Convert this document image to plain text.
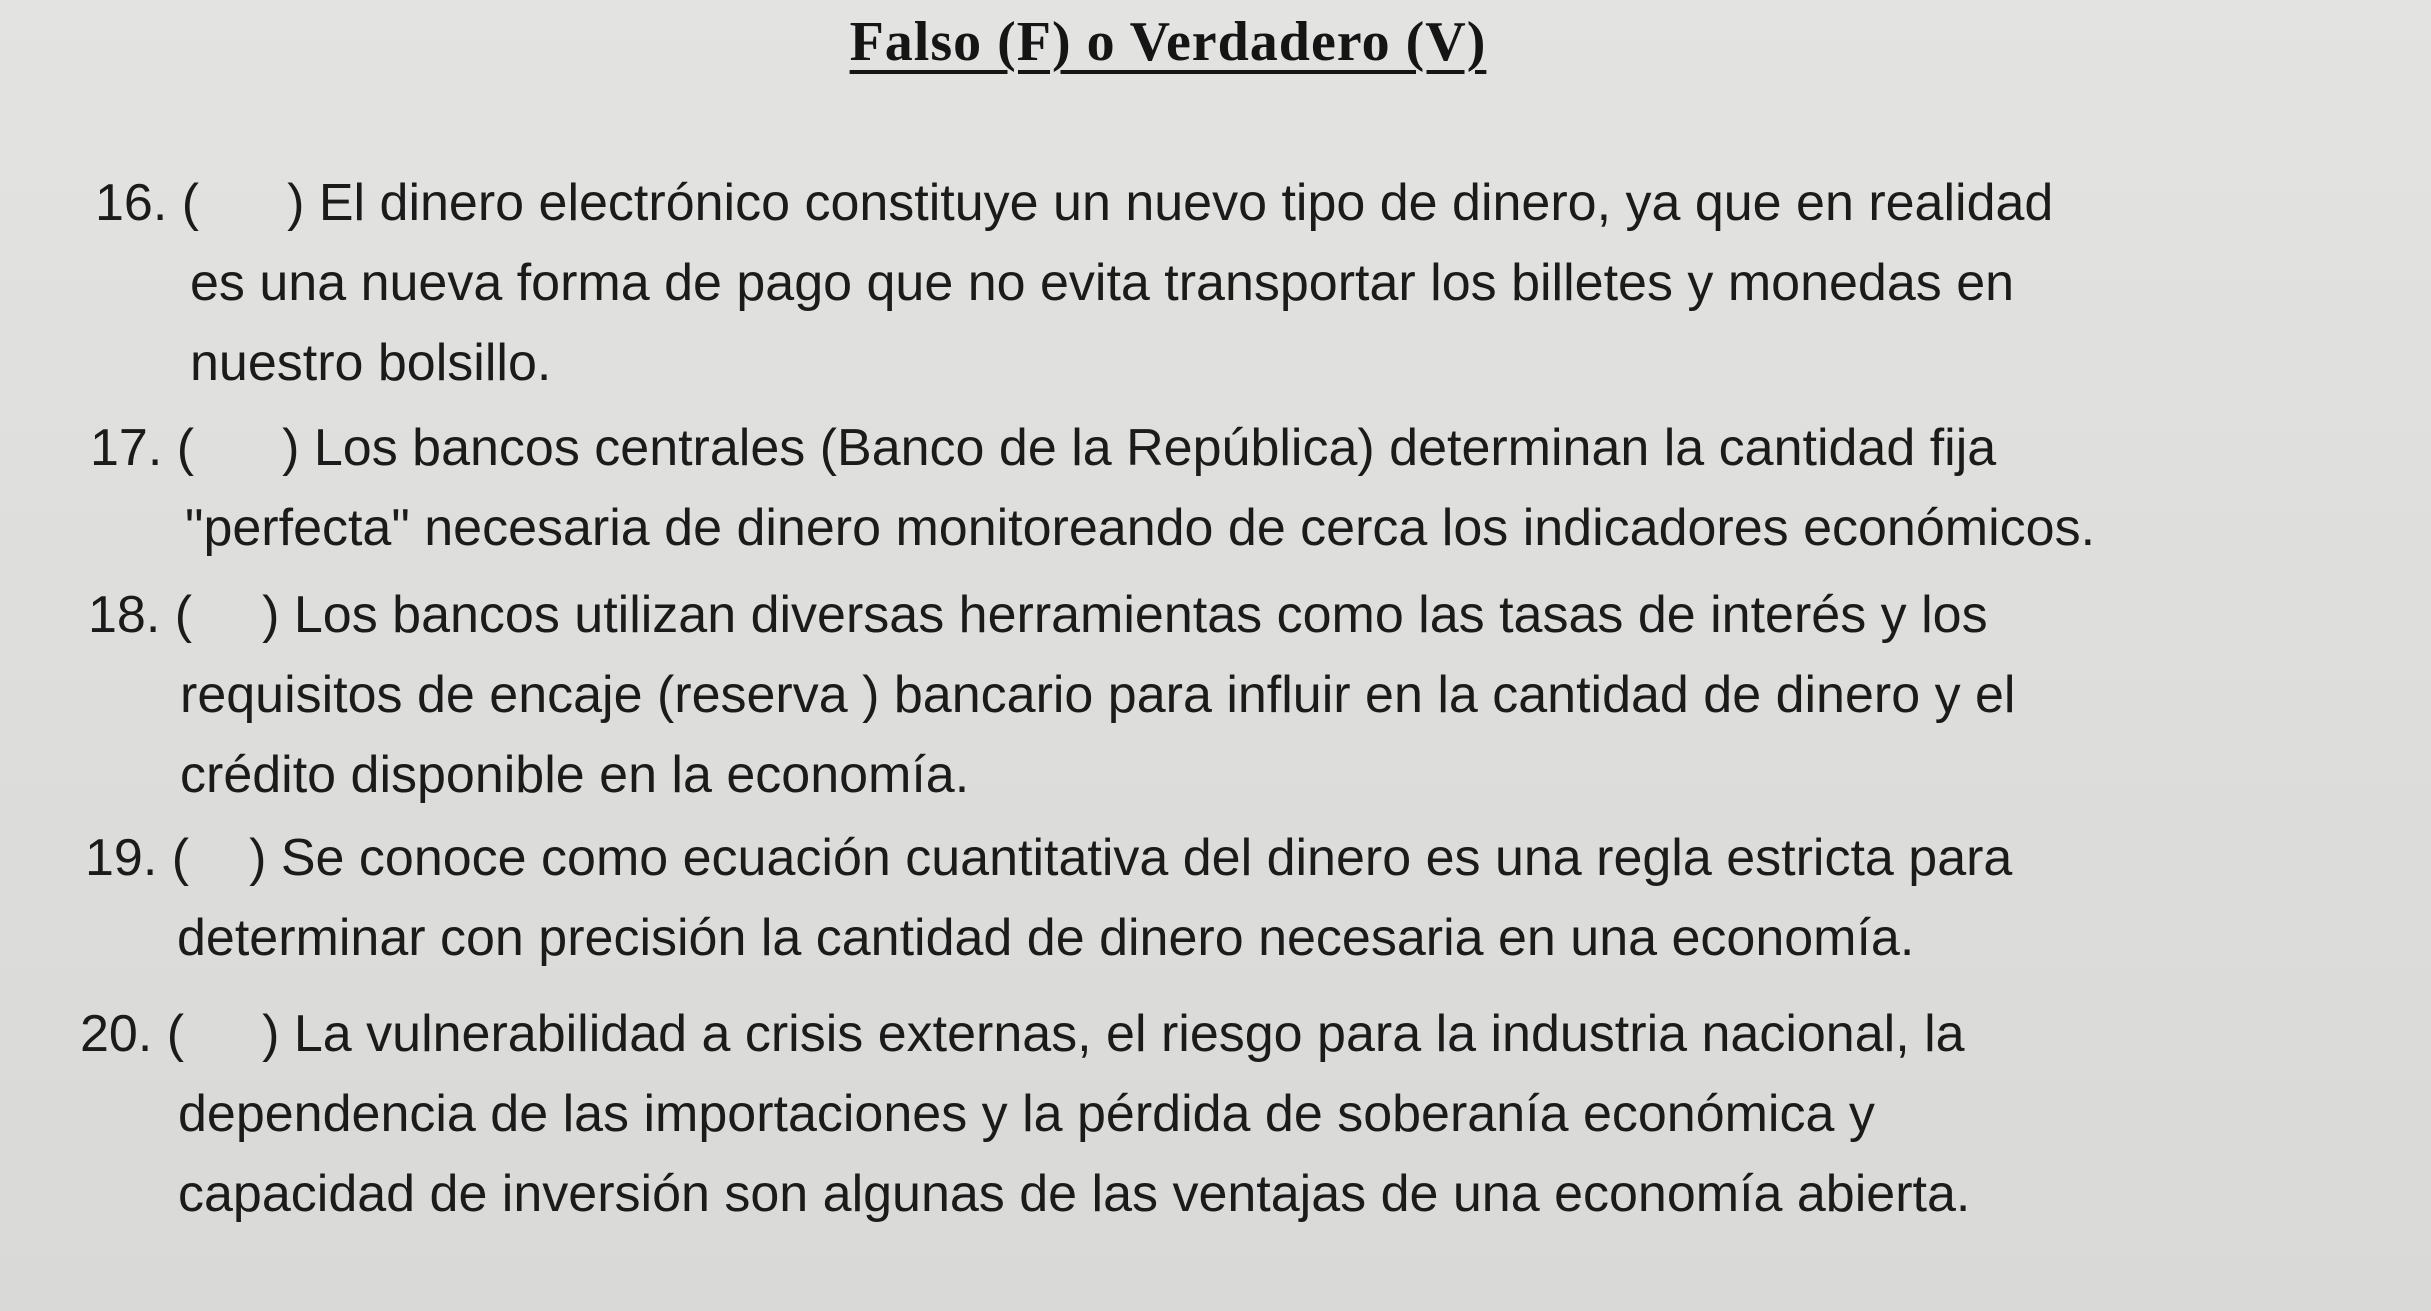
Falso (F) o Verdadero (V)
16. ( ) El dinero electrónico constituye un nuevo tipo de dinero, ya que en realidad
es una nueva forma de pago que no evita transportar los billetes y monedas en
nuestro bolsillo.
17. ( ) Los bancos centrales (Banco de la República) determinan la cantidad fija
"perfecta" necesaria de dinero monitoreando de cerca los indicadores económicos.
18. ( ) Los bancos utilizan diversas herramientas como las tasas de interés y los
requisitos de encaje (reserva ) bancario para influir en la cantidad de dinero y el
crédito disponible en la economía.
19. ( ) Se conoce como ecuación cuantitativa del dinero es una regla estricta para
determinar con precisión la cantidad de dinero necesaria en una economía.
20. ( ) La vulnerabilidad a crisis externas, el riesgo para la industria nacional, la
dependencia de las importaciones y la pérdida de soberanía económica y
capacidad de inversión son algunas de las ventajas de una economía abierta.
